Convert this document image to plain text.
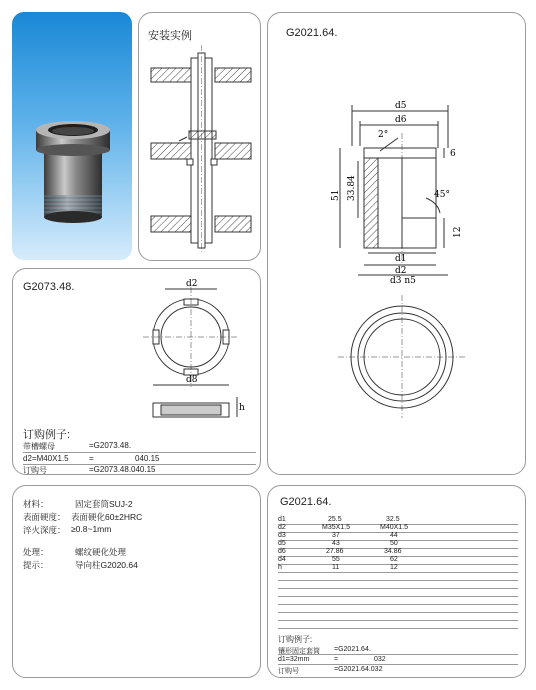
安装实例	G2021.64.
d5
d6
2°
6
51 33.84	45°
12
d1
d2
d3 n5
G2073.48.	d2
d8
h
订购例子:
带槽螺母	=G2073.48.
d2=M40X1.5	=	040.15
订购号	=G2073.48.040.15
材料：	固定套筒SUJ-2
表面硬度： 表面硬化60±2HRC
淬火深度： ≥0.8~1mm
处理：	螺纹硬化处理
提示：	导向柱G2020.64
G2021.64.
d1	25.5	32.5
d2	M35X1.5	M40X1.5
d3	37	44
d5	43	50
d6	27.86	34.86
d4	55	62
h	11	12
订购例子:
镶形固定套筒 =G2021.64.
d1=32mm	=	032
订购号	=G2021.64.032
